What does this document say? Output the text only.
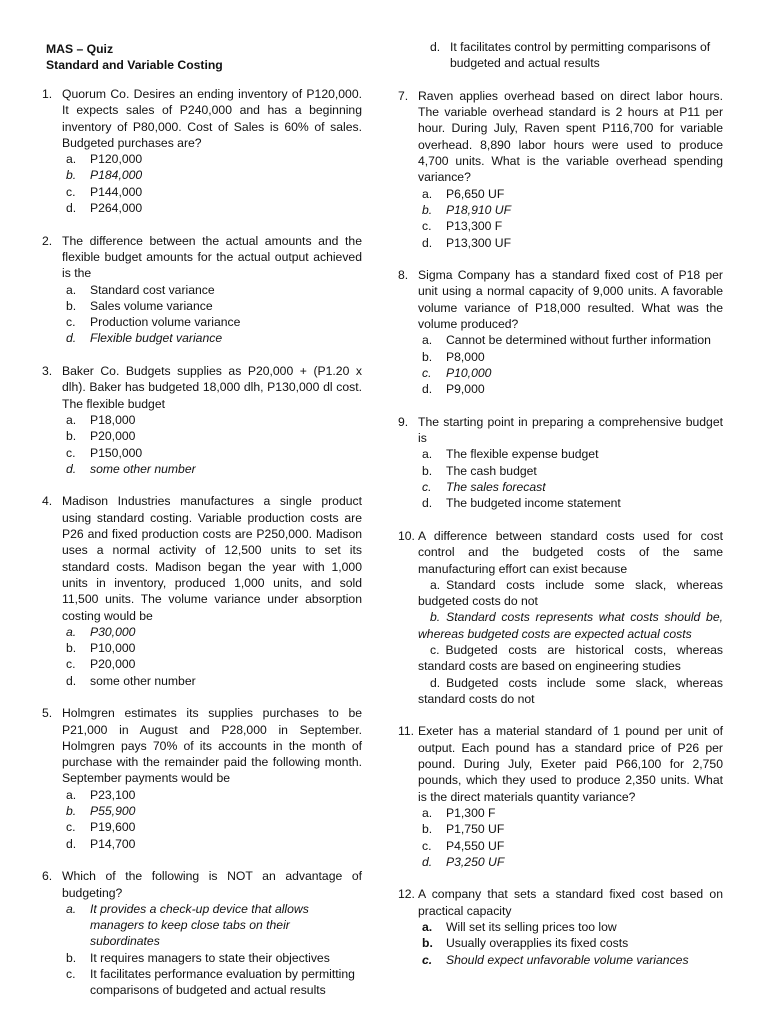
MAS – Quiz
Standard and Variable Costing
1. Quorum Co. Desires an ending inventory of P120,000. It expects sales of P240,000 and has a beginning inventory of P80,000. Cost of Sales is 60% of sales. Budgeted purchases are?
a. P120,000
b. P184,000
c. P144,000
d. P264,000
2. The difference between the actual amounts and the flexible budget amounts for the actual output achieved is the
a. Standard cost variance
b. Sales volume variance
c. Production volume variance
d. Flexible budget variance
3. Baker Co. Budgets supplies as P20,000 + (P1.20 x dlh). Baker has budgeted 18,000 dlh, P130,000 dl cost. The flexible budget
a. P18,000
b. P20,000
c. P150,000
d. some other number
4. Madison Industries manufactures a single product using standard costing. Variable production costs are P26 and fixed production costs are P250,000. Madison uses a normal activity of 12,500 units to set its standard costs. Madison began the year with 1,000 units in inventory, produced 1,000 units, and sold 11,500 units. The volume variance under absorption costing would be
a. P30,000
b. P10,000
c. P20,000
d. some other number
5. Holmgren estimates its supplies purchases to be P21,000 in August and P28,000 in September. Holmgren pays 70% of its accounts in the month of purchase with the remainder paid the following month. September payments would be
a. P23,100
b. P55,900
c. P19,600
d. P14,700
6. Which of the following is NOT an advantage of budgeting?
a. It provides a check-up device that allows managers to keep close tabs on their subordinates
b. It requires managers to state their objectives
c. It facilitates performance evaluation by permitting comparisons of budgeted and actual results
d. It facilitates control by permitting comparisons of budgeted and actual results
7. Raven applies overhead based on direct labor hours. The variable overhead standard is 2 hours at P11 per hour. During July, Raven spent P116,700 for variable overhead. 8,890 labor hours were used to produce 4,700 units. What is the variable overhead spending variance?
a. P6,650 UF
b. P18,910 UF
c. P13,300 F
d. P13,300 UF
8. Sigma Company has a standard fixed cost of P18 per unit using a normal capacity of 9,000 units. A favorable volume variance of P18,000 resulted. What was the volume produced?
a. Cannot be determined without further information
b. P8,000
c. P10,000
d. P9,000
9. The starting point in preparing a comprehensive budget is
a. The flexible expense budget
b. The cash budget
c. The sales forecast
d. The budgeted income statement
10. A difference between standard costs used for cost control and the budgeted costs of the same manufacturing effort can exist because
a. Standard costs include some slack, whereas budgeted costs do not
b. Standard costs represents what costs should be, whereas budgeted costs are expected actual costs
c. Budgeted costs are historical costs, whereas standard costs are based on engineering studies
d. Budgeted costs include some slack, whereas standard costs do not
11. Exeter has a material standard of 1 pound per unit of output. Each pound has a standard price of P26 per pound. During July, Exeter paid P66,100 for 2,750 pounds, which they used to produce 2,350 units. What is the direct materials quantity variance?
a. P1,300 F
b. P1,750 UF
c. P4,550 UF
d. P3,250 UF
12. A company that sets a standard fixed cost based on practical capacity
a. Will set its selling prices too low
b. Usually overapplies its fixed costs
c. Should expect unfavorable volume variances
